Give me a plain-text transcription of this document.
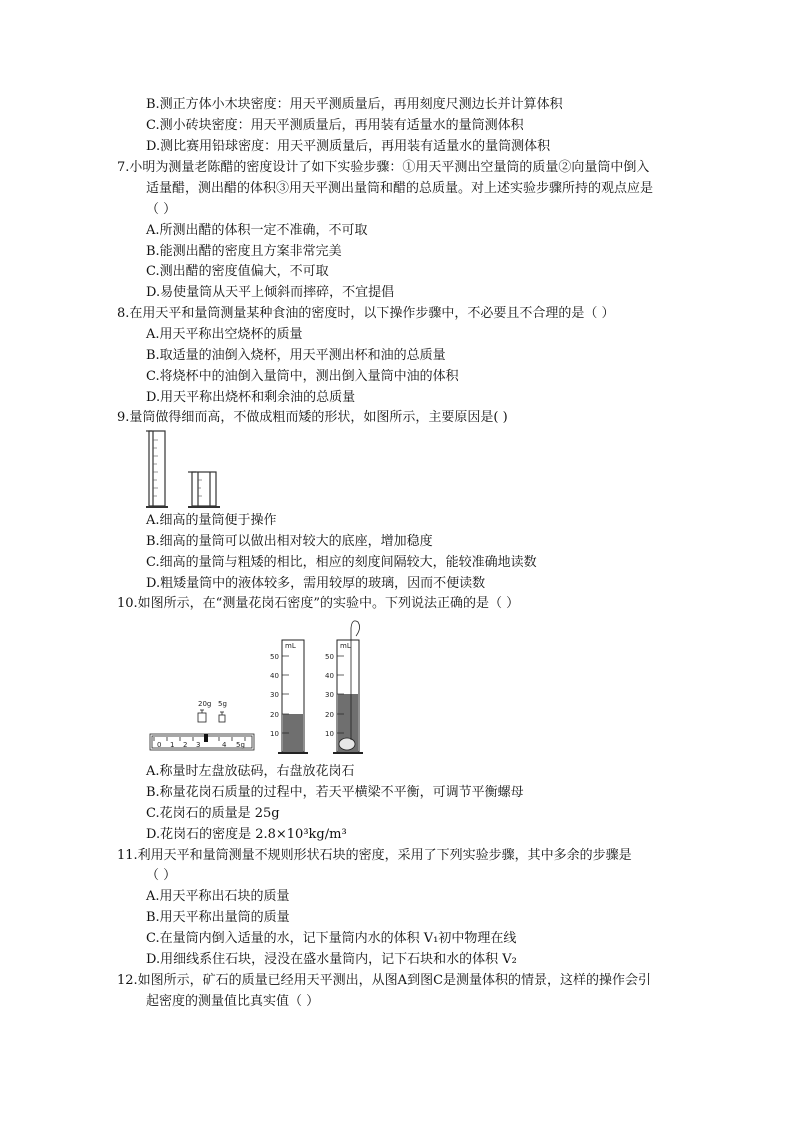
B.测正方体小木块密度：用天平测质量后，再用刻度尺测边长并计算体积
C.测小砖块密度：用天平测质量后，再用装有适量水的量筒测体积
D.测比赛用铅球密度：用天平测质量后，再用装有适量水的量筒测体积
7.小明为测量老陈醋的密度设计了如下实验步骤：①用天平测出空量筒的质量②向量筒中倒入
适量醋，测出醋的体积③用天平测出量筒和醋的总质量。对上述实验步骤所持的观点应是
（ ）
A.所测出醋的体积一定不准确，不可取
B.能测出醋的密度且方案非常完美
C.测出醋的密度值偏大，不可取
D.易使量筒从天平上倾斜而摔碎，不宜提倡
8.在用天平和量筒测量某种食油的密度时，以下操作步骤中，不必要且不合理的是（ ）
A.用天平称出空烧杯的质量
B.取适量的油倒入烧杯，用天平测出杯和油的总质量
C.将烧杯中的油倒入量筒中，测出倒入量筒中油的体积
D.用天平称出烧杯和剩余油的总质量
9.量筒做得细而高，不做成粗而矮的形状，如图所示，主要原因是( )
A.细高的量筒便于操作
B.细高的量筒可以做出相对较大的底座，增加稳度
C.细高的量筒与粗矮的相比，相应的刻度间隔较大，能较准确地读数
D.粗矮量筒中的液体较多，需用较厚的玻璃，因而不便读数
10.如图所示，在“测量花岗石密度”的实验中。下列说法正确的是（ ）
20g 5g
0 1 2 3	4 5g
mL
50
40
30
20
10
mL
50
40
30
20
10
A.称量时左盘放砝码，右盘放花岗石
B.称量花岗石质量的过程中，若天平横梁不平衡，可调节平衡螺母
C.花岗石的质量是 25g
D.花岗石的密度是 2.8×10³kg/m³
11.利用天平和量筒测量不规则形状石块的密度，采用了下列实验步骤，其中多余的步骤是
（ ）
A.用天平称出石块的质量
B.用天平称出量筒的质量
C.在量筒内倒入适量的水，记下量筒内水的体积 V₁初中物理在线
D.用细线系住石块，浸没在盛水量筒内，记下石块和水的体积 V₂
12.如图所示，矿石的质量已经用天平测出，从图A到图C是测量体积的情景，这样的操作会引
起密度的测量值比真实值（ ）
